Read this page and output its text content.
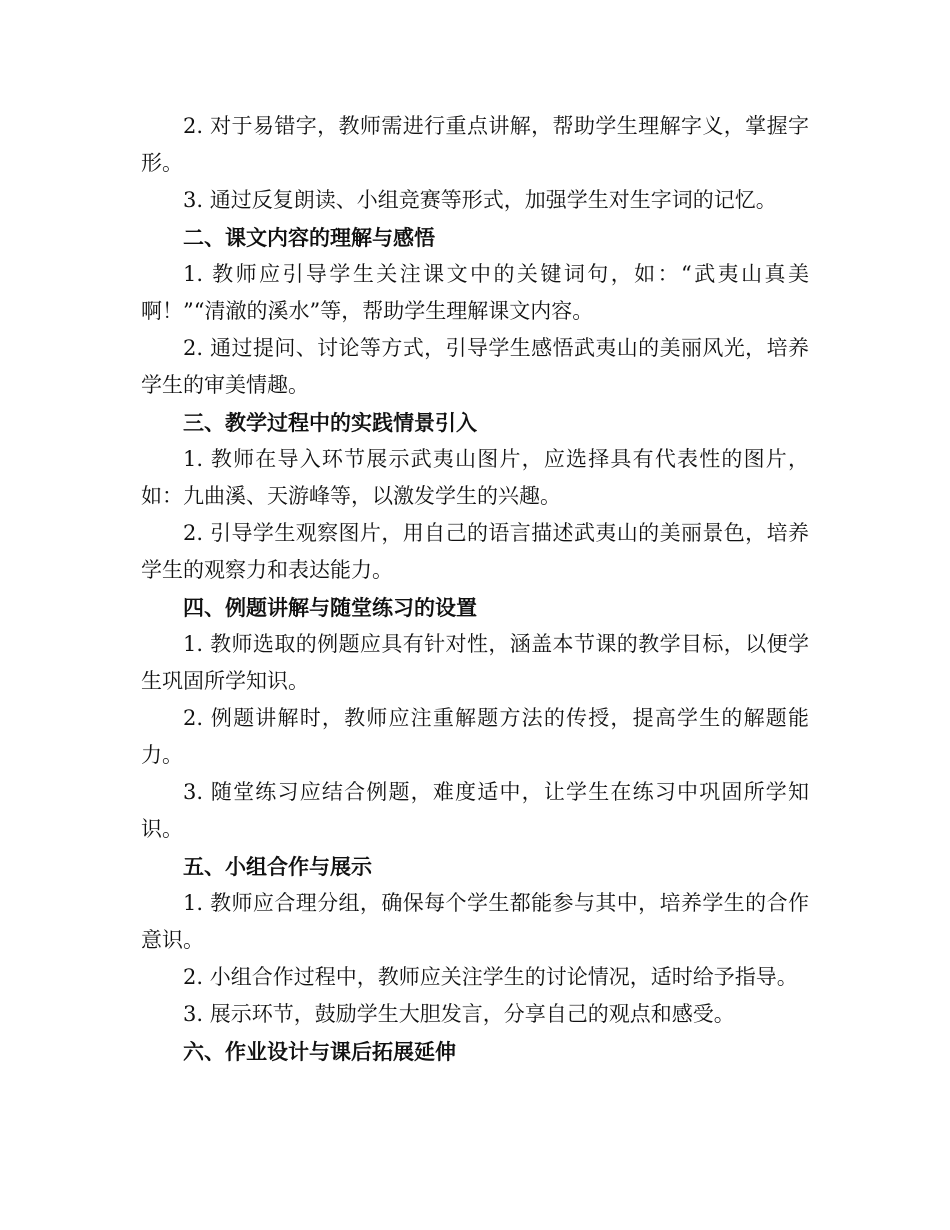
2. 对于易错字，教师需进行重点讲解，帮助学生理解字义，掌握字形。

3. 通过反复朗读、小组竞赛等形式，加强学生对生字词的记忆。

二、课文内容的理解与感悟

1. 教师应引导学生关注课文中的关键词句，如：“武夷山真美啊！”“清澈的溪水”等，帮助学生理解课文内容。

2. 通过提问、讨论等方式，引导学生感悟武夷山的美丽风光，培养学生的审美情趣。

三、教学过程中的实践情景引入

1. 教师在导入环节展示武夷山图片，应选择具有代表性的图片，如：九曲溪、天游峰等，以激发学生的兴趣。

2. 引导学生观察图片，用自己的语言描述武夷山的美丽景色，培养学生的观察力和表达能力。

四、例题讲解与随堂练习的设置

1. 教师选取的例题应具有针对性，涵盖本节课的教学目标，以便学生巩固所学知识。

2. 例题讲解时，教师应注重解题方法的传授，提高学生的解题能力。

3. 随堂练习应结合例题，难度适中，让学生在练习中巩固所学知识。

五、小组合作与展示

1. 教师应合理分组，确保每个学生都能参与其中，培养学生的合作意识。

2. 小组合作过程中，教师应关注学生的讨论情况，适时给予指导。

3. 展示环节，鼓励学生大胆发言，分享自己的观点和感受。

六、作业设计与课后拓展延伸
